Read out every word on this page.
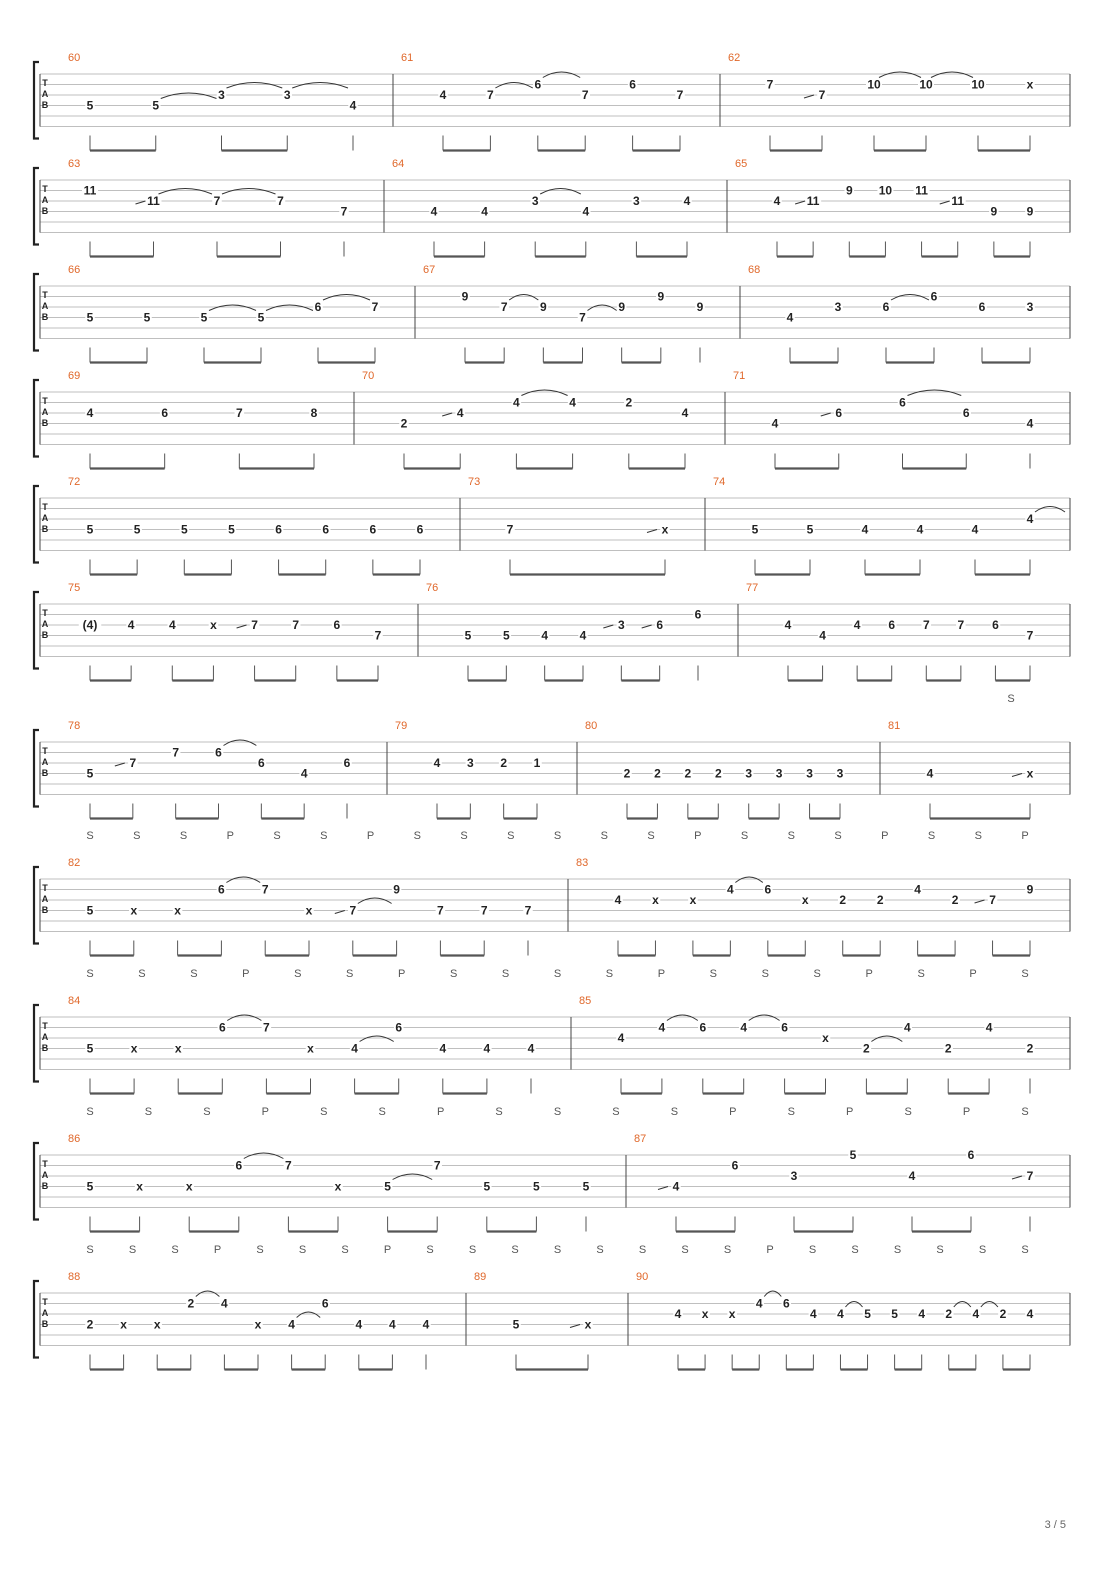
T
A
B
60
5	5
3	3
4
61
4	7
6
7
6
7
62
7
7
10	10	10	x
T
A
B
63
11
11	7	7
7
64
4	4
3
4
3	4
65
4 11
9 10 11
11
9 9
T
A
B
66
5	5	5	5
6	7
67
9
7	9
7
9
9
9
68
4
3	6
6
6	3
T
A
B
69
4	6	7	8
70
2
4
4	4	2
4
71
4
6
6
6
4
T
A
B
72
5	5	5	5	6	6	6	6
73
7	x
74
5	5	4	4	4
4
T
A
B
75
(4)	4	4	x	7	7	6
7
76
5	5	4	4
3	6
6
77
4
4
4 6 7 7 6
7
T
A
B
S
78
5
7
7	6
6
4
6
79
4 3 2 1
80
2 2 2 2 3 3 3 3
81
4	x
T
A
B
S	S	S	P	S	S	P	S	S	S	S	S	S	P	S	S	S	P	S	S	P
82
5	x	x
6	7
x	7
9
7	7	7
83
4	x	x
4	6
x	2	2
4
2	7
9
T
A
B
S	S	S	P	S	S	P	S	S	S	S	P	S	S	S	P	S	P	S
84
5	x	x
6	7
x	4
6
4	4	4
85
4
4	6	4	6
x
2
4
2
4
2
T
A
B
S	S	S	P	S	S	P	S	S	S	S	P	S	P	S	P	S
86
5	x	x
6	7
x	5
7
5	5	5
87
4
6
3
5
4
6
7
T
A
B
S	S	S	P	S	S	S	P	S	S	S	S	S	S	S	S	P	S	S	S	S	S	S
88
2 x x
2 4
x 4
6
4 4 4
89
5	x
90
4 x x
4 6
4 4 5 5 4 2 4 2 4
3 / 5
